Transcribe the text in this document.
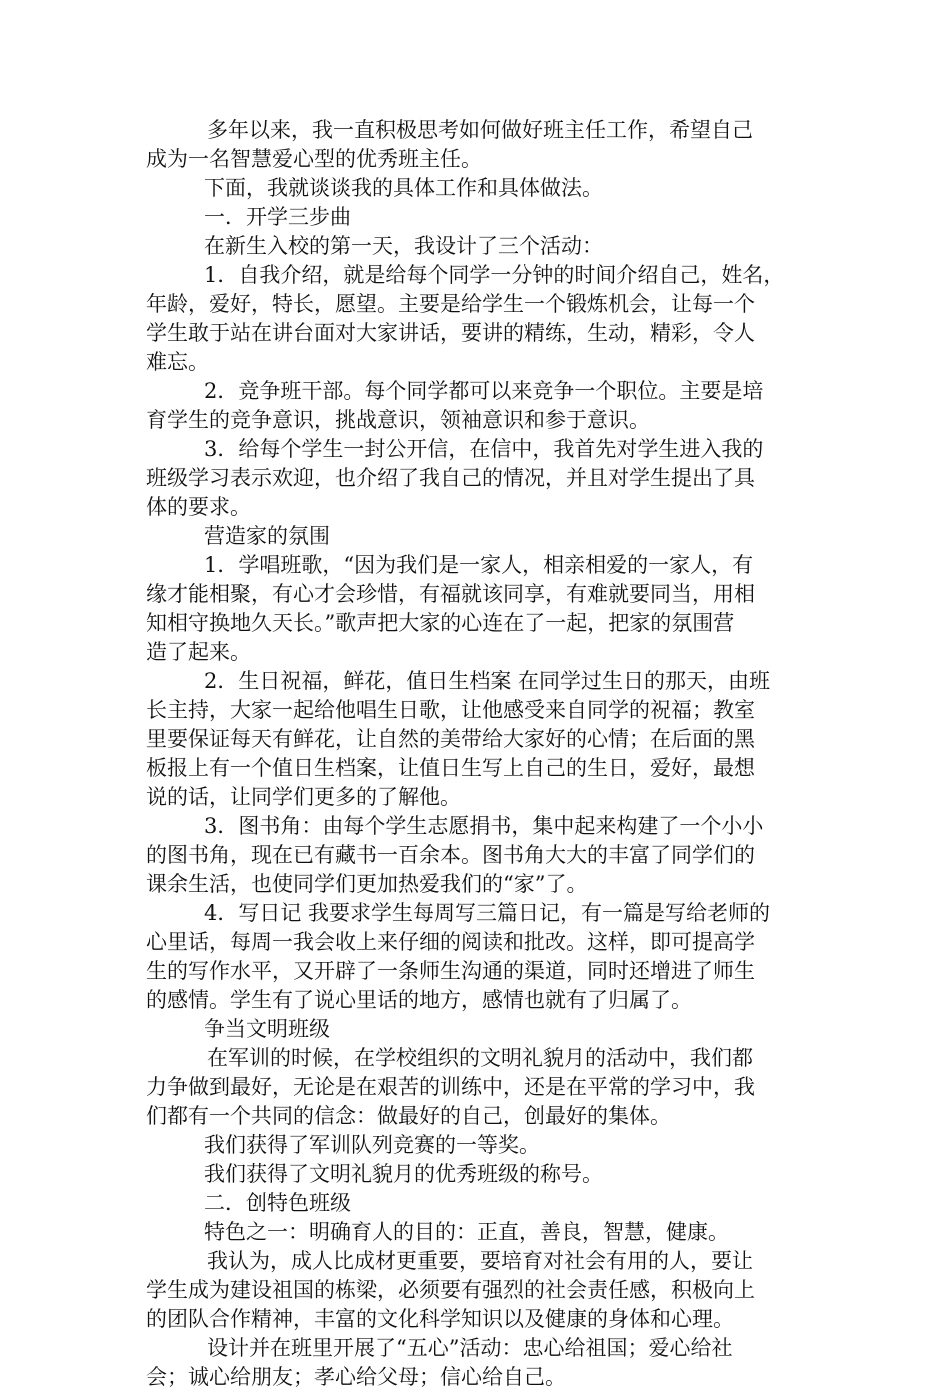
多年以来，我一直积极思考如何做好班主任工作，希望自己
成为一名智慧爱心型的优秀班主任。
下面，我就谈谈我的具体工作和具体做法。
一．开学三步曲
在新生入校的第一天，我设计了三个活动：
1．自我介绍，就是给每个同学一分钟的时间介绍自己，姓名，
年龄，爱好，特长，愿望。主要是给学生一个锻炼机会，让每一个
学生敢于站在讲台面对大家讲话，要讲的精练，生动，精彩，令人
难忘。
2．竞争班干部。每个同学都可以来竞争一个职位。主要是培
育学生的竞争意识，挑战意识，领袖意识和参于意识。
3．给每个学生一封公开信，在信中，我首先对学生进入我的
班级学习表示欢迎，也介绍了我自己的情况，并且对学生提出了具
体的要求。
营造家的氛围
1．学唱班歌，“因为我们是一家人，相亲相爱的一家人，有
缘才能相聚，有心才会珍惜，有福就该同享，有难就要同当，用相
知相守换地久天长。”歌声把大家的心连在了一起，把家的氛围营
造了起来。
2．生日祝福，鲜花，值日生档案 在同学过生日的那天，由班
长主持，大家一起给他唱生日歌，让他感受来自同学的祝福；教室
里要保证每天有鲜花，让自然的美带给大家好的心情；在后面的黑
板报上有一个值日生档案，让值日生写上自己的生日，爱好，最想
说的话，让同学们更多的了解他。
3．图书角：由每个学生志愿捐书，集中起来构建了一个小小
的图书角，现在已有藏书一百余本。图书角大大的丰富了同学们的
课余生活，也使同学们更加热爱我们的“家”了。
4．写日记 我要求学生每周写三篇日记，有一篇是写给老师的
心里话，每周一我会收上来仔细的阅读和批改。这样，即可提高学
生的写作水平，又开辟了一条师生沟通的渠道，同时还增进了师生
的感情。学生有了说心里话的地方，感情也就有了归属了。
争当文明班级
在军训的时候，在学校组织的文明礼貌月的活动中，我们都
力争做到最好，无论是在艰苦的训练中，还是在平常的学习中，我
们都有一个共同的信念：做最好的自己，创最好的集体。
我们获得了军训队列竞赛的一等奖。
我们获得了文明礼貌月的优秀班级的称号。
二．创特色班级
特色之一：明确育人的目的：正直，善良，智慧，健康。
我认为，成人比成材更重要，要培育对社会有用的人，要让
学生成为建设祖国的栋梁，必须要有强烈的社会责任感，积极向上
的团队合作精神，丰富的文化科学知识以及健康的身体和心理。
设计并在班里开展了“五心”活动：忠心给祖国；爱心给社
会；诚心给朋友；孝心给父母；信心给自己。
